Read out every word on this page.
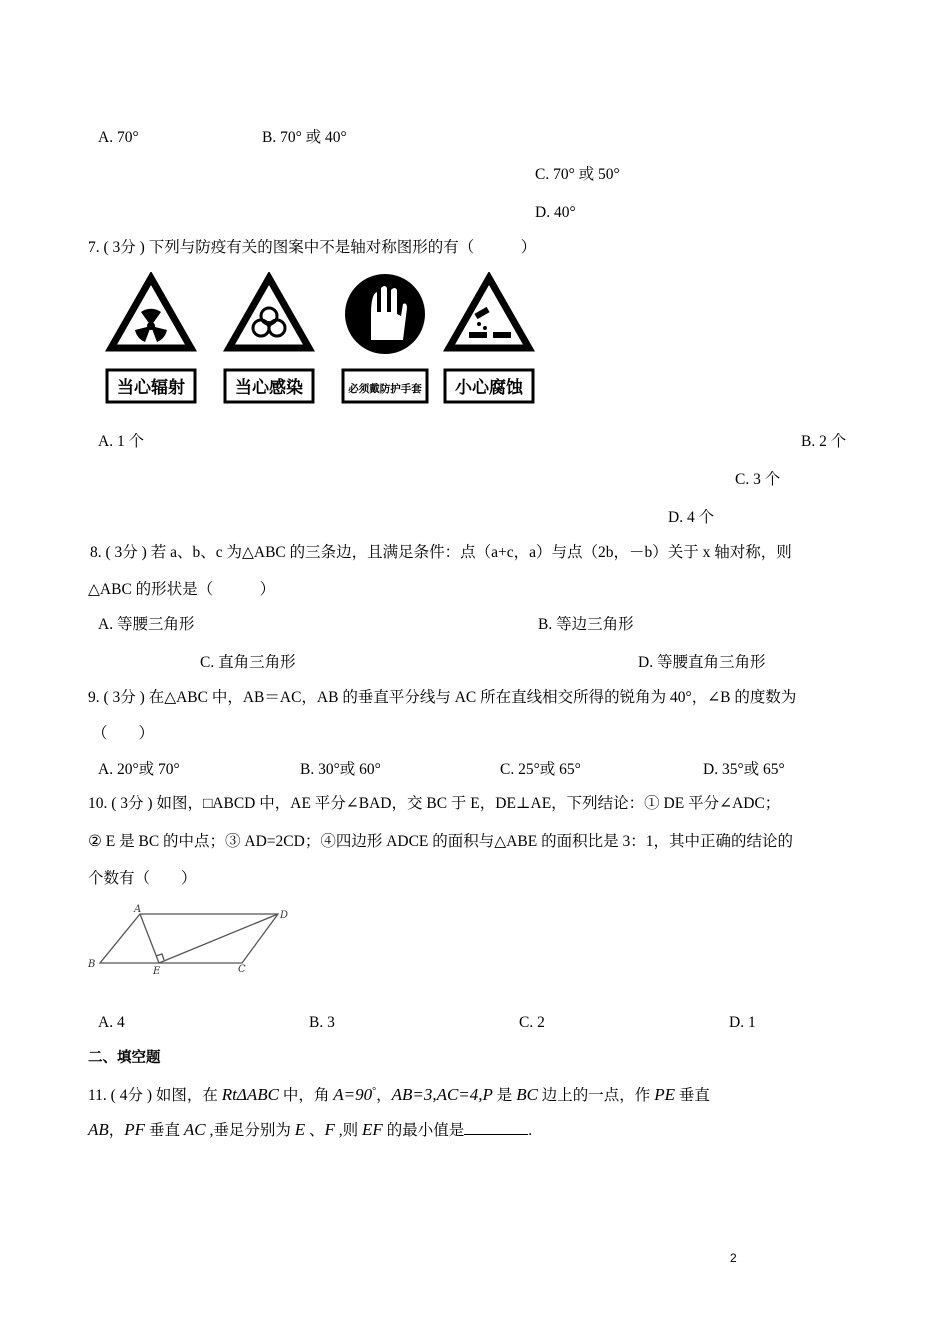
A. 70°	B. 70° 或 40°
C. 70° 或 50°
D. 40°
7. ( 3分 ) 下列与防疫有关的图案中不是轴对称图形的有（　　　）
当心辐射	当心感染	必须戴防护手套 小心腐蚀
A. 1 个	B. 2 个
C. 3 个
D. 4 个
8. ( 3分 ) 若 a、b、c 为△ABC 的三条边，且满足条件：点（a+c，a）与点（2b，－b）关于 x 轴对称，则
△ABC 的形状是（　　　）
A. 等腰三角形	B. 等边三角形
C. 直角三角形	D. 等腰直角三角形
9. ( 3分 ) 在△ABC 中，AB＝AC，AB 的垂直平分线与 AC 所在直线相交所得的锐角为 40°，∠B 的度数为
（　　）
A. 20°或 70°	B. 30°或 60°	C. 25°或 65°	D. 35°或 65°
10. ( 3分 ) 如图，□ABCD 中，AE 平分∠BAD，交 BC 于 E，DE⊥AE，下列结论：① DE 平分∠ADC；
② E 是 BC 的中点；③ AD=2CD；④四边形 ADCE 的面积与△ABE 的面积比是 3：1，其中正确的结论的
个数有（　　）
A
D
B
E	C
A. 4	B. 3	C. 2	D. 1
二、填空题
11. ( 4分 ) 如图，在 RtΔABC 中，角 A=90°，AB=3,AC=4,P 是 BC 边上的一点，作 PE 垂直
AB，PF 垂直 AC ,垂足分别为 E 、F ,则 EF 的最小值是	.
2
